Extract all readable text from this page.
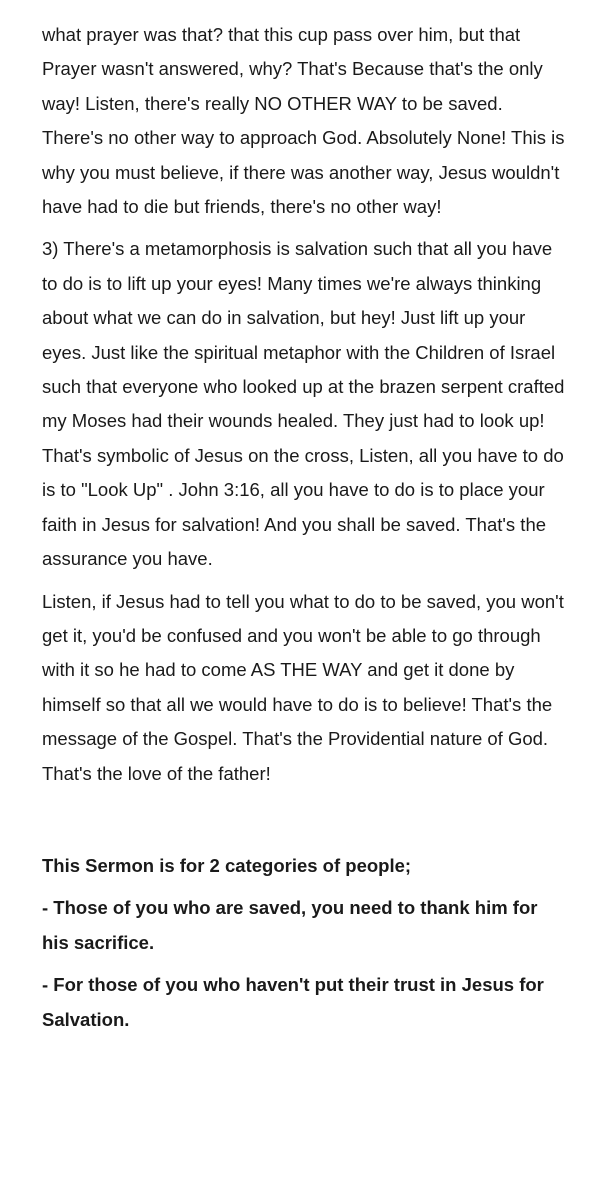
what prayer was that? that this cup pass over him, but that Prayer wasn't answered, why? That's Because that's the only way! Listen, there's really NO OTHER WAY to be saved. There's no other way to approach God. Absolutely None! This is why you must believe, if there was another way, Jesus wouldn't have had to die but friends, there's no other way!

3) There's a metamorphosis is salvation such that all you have to do is to lift up your eyes! Many times we're always thinking about what we can do in salvation, but hey! Just lift up your eyes. Just like the spiritual metaphor with the Children of Israel such that everyone who looked up at the brazen serpent crafted my Moses had their wounds healed. They just had to look up! That's symbolic of Jesus on the cross, Listen, all you have to do is to "Look Up" . John 3:16, all you have to do is to place your faith in Jesus for salvation! And you shall be saved. That's the assurance you have.

Listen, if Jesus had to tell you what to do to be saved, you won't get it, you'd be confused and you won't be able to go through with it so he had to come AS THE WAY and get it done by himself so that all we would have to do is to believe! That's the message of the Gospel. That's the Providential nature of God. That's the love of the father!

This Sermon is for 2 categories of people;

- Those of you who are saved, you need to thank him for his sacrifice.

- For those of you who haven't put their trust in Jesus for Salvation.
